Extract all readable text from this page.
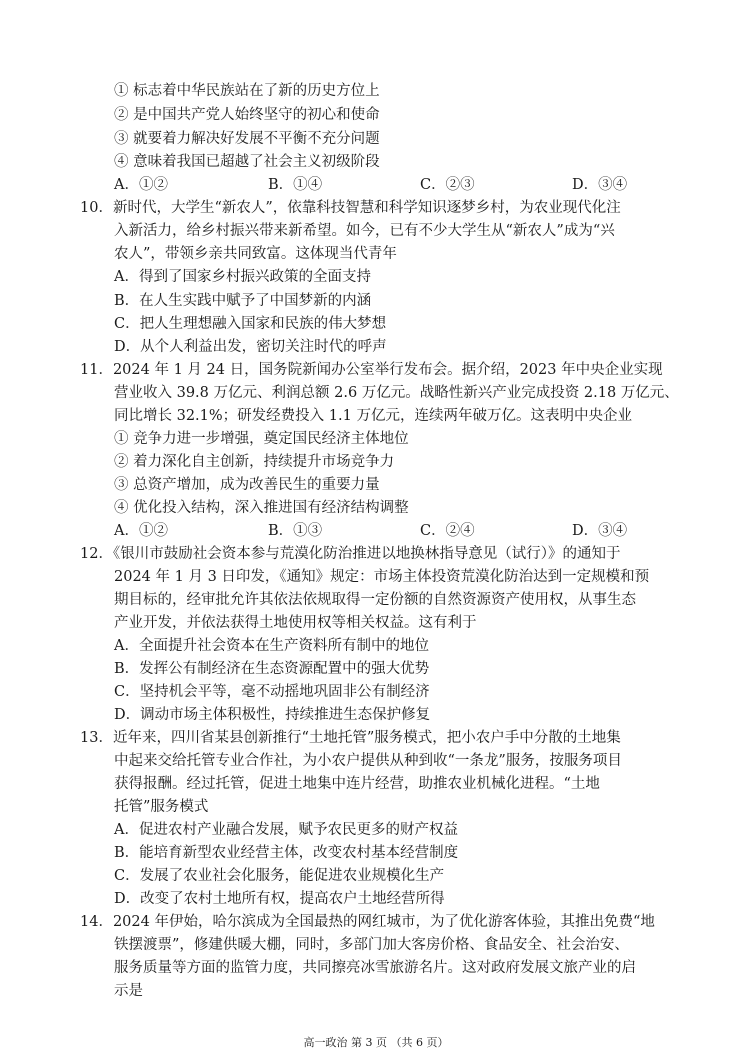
① 标志着中华民族站在了新的历史方位上
② 是中国共产党人始终坚守的初心和使命
③ 就要着力解决好发展不平衡不充分问题
④ 意味着我国已超越了社会主义初级阶段
A．①②	B．①④	C．②③	D．③④
10．新时代，大学生“新农人”，依靠科技智慧和科学知识逐梦乡村，为农业现代化注
入新活力，给乡村振兴带来新希望。如今，已有不少大学生从“新农人”成为“兴
农人”，带领乡亲共同致富。这体现当代青年
A．得到了国家乡村振兴政策的全面支持
B．在人生实践中赋予了中国梦新的内涵
C．把人生理想融入国家和民族的伟大梦想
D．从个人利益出发，密切关注时代的呼声
11．2024 年 1 月 24 日，国务院新闻办公室举行发布会。据介绍，2023 年中央企业实现
营业收入 39.8 万亿元、利润总额 2.6 万亿元。战略性新兴产业完成投资 2.18 万亿元、
同比增长 32.1%；研发经费投入 1.1 万亿元，连续两年破万亿。这表明中央企业
① 竞争力进一步增强，奠定国民经济主体地位
② 着力深化自主创新，持续提升市场竞争力
③ 总资产增加，成为改善民生的重要力量
④ 优化投入结构，深入推进国有经济结构调整
A．①②	B．①③	C．②④	D．③④
12．《银川市鼓励社会资本参与荒漠化防治推进以地换林指导意见（试行）》的通知于
2024 年 1 月 3 日印发，《通知》规定：市场主体投资荒漠化防治达到一定规模和预
期目标的，经审批允许其依法依规取得一定份额的自然资源资产使用权，从事生态
产业开发，并依法获得土地使用权等相关权益。这有利于
A．全面提升社会资本在生产资料所有制中的地位
B．发挥公有制经济在生态资源配置中的强大优势
C．坚持机会平等，毫不动摇地巩固非公有制经济
D．调动市场主体积极性，持续推进生态保护修复
13．近年来，四川省某县创新推行“土地托管”服务模式，把小农户手中分散的土地集
中起来交给托管专业合作社，为小农户提供从种到收“一条龙”服务，按服务项目
获得报酬。经过托管，促进土地集中连片经营，助推农业机械化进程。“土地
托管”服务模式
A．促进农村产业融合发展，赋予农民更多的财产权益
B．能培育新型农业经营主体，改变农村基本经营制度
C．发展了农业社会化服务，能促进农业规模化生产
D．改变了农村土地所有权，提高农户土地经营所得
14．2024 年伊始，哈尔滨成为全国最热的网红城市，为了优化游客体验，其推出免费“地
铁摆渡票”，修建供暖大棚，同时，多部门加大客房价格、食品安全、社会治安、
服务质量等方面的监管力度，共同擦亮冰雪旅游名片。这对政府发展文旅产业的启
示是
高一政治 第 3 页 （共 6 页）
